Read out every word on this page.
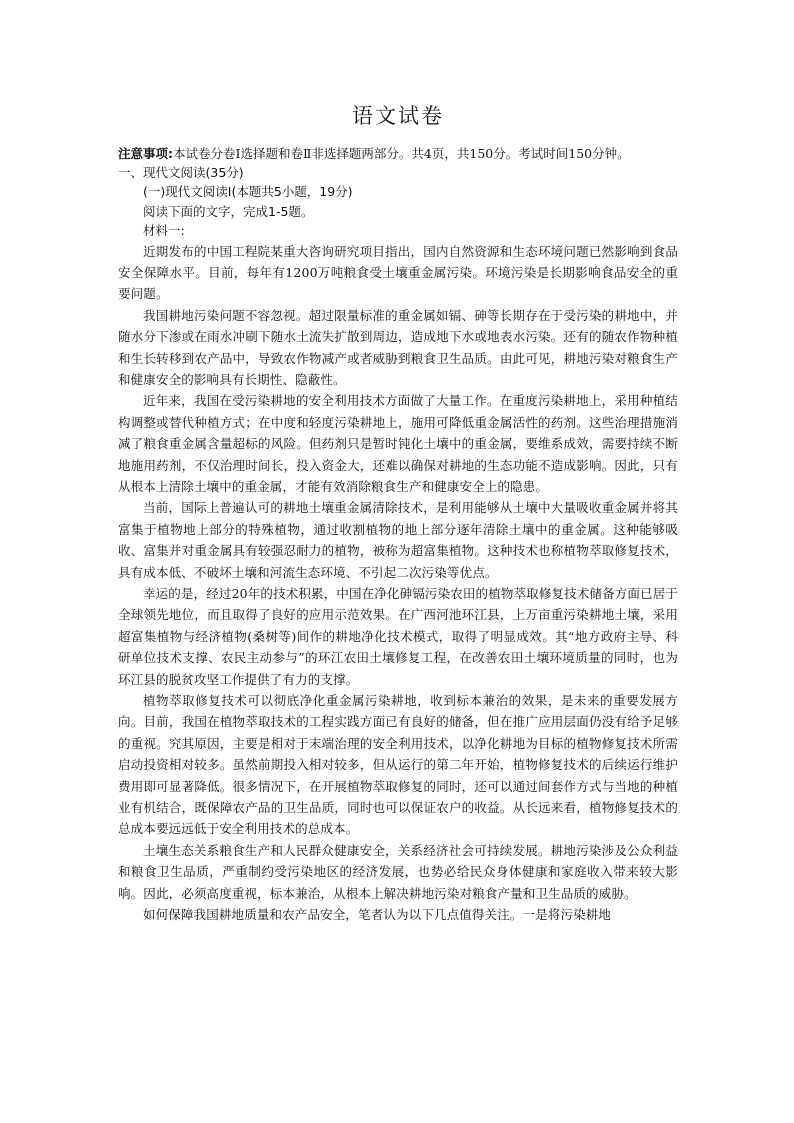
语文试卷

注意事项:本试卷分卷Ⅰ选择题和卷Ⅱ非选择题两部分。共4页，共150分。考试时间150分钟。

一、现代文阅读(35分)

(一)现代文阅读Ⅰ(本题共5小题，19分)

阅读下面的文字，完成1-5题。

材料一:

近期发布的中国工程院某重大咨询研究项目指出，国内自然资源和生态环境问题已然影响到食品安全保障水平。目前，每年有1200万吨粮食受土壤重金属污染。环境污染是长期影响食品安全的重要问题。

我国耕地污染问题不容忽视。超过限量标准的重金属如镉、砷等长期存在于受污染的耕地中，并随水分下渗或在雨水冲刷下随水土流失扩散到周边，造成地下水或地表水污染。还有的随农作物种植和生长转移到农产品中，导致农作物减产或者威胁到粮食卫生品质。由此可见，耕地污染对粮食生产和健康安全的影响具有长期性、隐蔽性。

近年来，我国在受污染耕地的安全利用技术方面做了大量工作。在重度污染耕地上，采用种植结构调整或替代种植方式；在中度和轻度污染耕地上，施用可降低重金属活性的药剂。这些治理措施消减了粮食重金属含量超标的风险。但药剂只是暂时钝化土壤中的重金属，要维系成效，需要持续不断地施用药剂，不仅治理时间长，投入资金大，还难以确保对耕地的生态功能不造成影响。因此，只有从根本上清除土壤中的重金属，才能有效消除粮食生产和健康安全上的隐患。

当前，国际上普遍认可的耕地土壤重金属清除技术，是利用能够从土壤中大量吸收重金属并将其富集于植物地上部分的特殊植物，通过收割植物的地上部分逐年清除土壤中的重金属。这种能够吸收、富集并对重金属具有较强忍耐力的植物，被称为超富集植物。这种技术也称植物萃取修复技术，具有成本低、不破坏土壤和河流生态环境、不引起二次污染等优点。

幸运的是，经过20年的技术积累，中国在净化砷镉污染农田的植物萃取修复技术储备方面已居于全球领先地位，而且取得了良好的应用示范效果。在广西河池环江县，上万亩重污染耕地土壤，采用超富集植物与经济植物(桑树等)间作的耕地净化技术模式，取得了明显成效。其“地方政府主导、科研单位技术支撑、农民主动参与”的环江农田土壤修复工程，在改善农田土壤环境质量的同时，也为环江县的脱贫攻坚工作提供了有力的支撑。

植物萃取修复技术可以彻底净化重金属污染耕地，收到标本兼治的效果，是未来的重要发展方向。目前，我国在植物萃取技术的工程实践方面已有良好的储备，但在推广应用层面仍没有给予足够的重视。究其原因，主要是相对于末端治理的安全利用技术，以净化耕地为目标的植物修复技术所需启动投资相对较多。虽然前期投入相对较多，但从运行的第二年开始，植物修复技术的后续运行维护费用即可显著降低。很多情况下，在开展植物萃取修复的同时，还可以通过间套作方式与当地的种植业有机结合，既保障农产品的卫生品质，同时也可以保证农户的收益。从长远来看，植物修复技术的总成本要远远低于安全利用技术的总成本。

土壤生态关系粮食生产和人民群众健康安全，关系经济社会可持续发展。耕地污染涉及公众利益和粮食卫生品质，严重制约受污染地区的经济发展，也势必给民众身体健康和家庭收入带来较大影响。因此，必须高度重视，标本兼治，从根本上解决耕地污染对粮食产量和卫生品质的威胁。

如何保障我国耕地质量和农产品安全，笔者认为以下几点值得关注。一是将污染耕地
